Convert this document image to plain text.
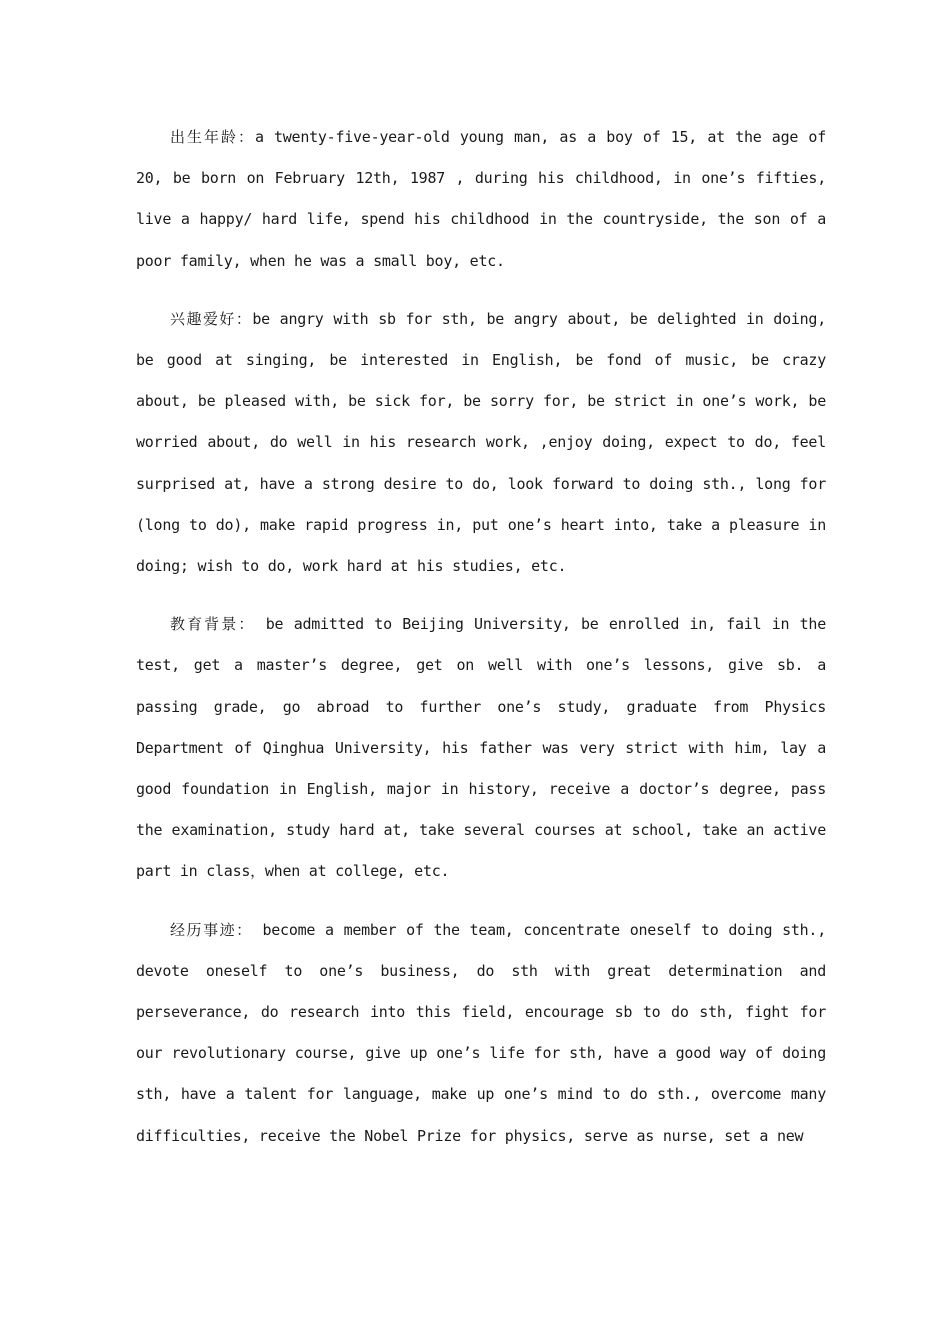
出生年龄：a twenty-five-year-old young man, as a boy of 15, at the age of 20, be born on February 12th, 1987 , during his childhood, in one’s fifties, live a happy/ hard life, spend his childhood in the countryside, the son of a poor family, when he was a small boy, etc.

兴趣爱好：be angry with sb for sth, be angry about, be delighted in doing, be good at singing, be interested in English, be fond of music, be crazy about, be pleased with, be sick for, be sorry for, be strict in one’s work, be worried about, do well in his research work, ,enjoy doing, expect to do, feel surprised at, have a strong desire to do, look forward to doing sth., long for (long to do), make rapid progress in, put one’s heart into, take a pleasure in doing; wish to do, work hard at his studies, etc.

教育背景： be admitted to Beijing University, be enrolled in, fail in the test, get a master’s degree, get on well with one’s lessons, give sb. a passing grade, go abroad to further one’s study, graduate from Physics Department of Qinghua University, his father was very strict with him, lay a good foundation in English, major in history, receive a doctor’s degree, pass the examination, study hard at, take several courses at school, take an active part in class，when at college, etc.

经历事迹： become a member of the team, concentrate oneself to doing sth., devote oneself to one’s business, do sth with great determination and perseverance, do research into this field, encourage sb to do sth, fight for our revolutionary course, give up one’s life for sth, have a good way of doing sth, have a talent for language, make up one’s mind to do sth., overcome many difficulties, receive the Nobel Prize for physics, serve as nurse, set a new
